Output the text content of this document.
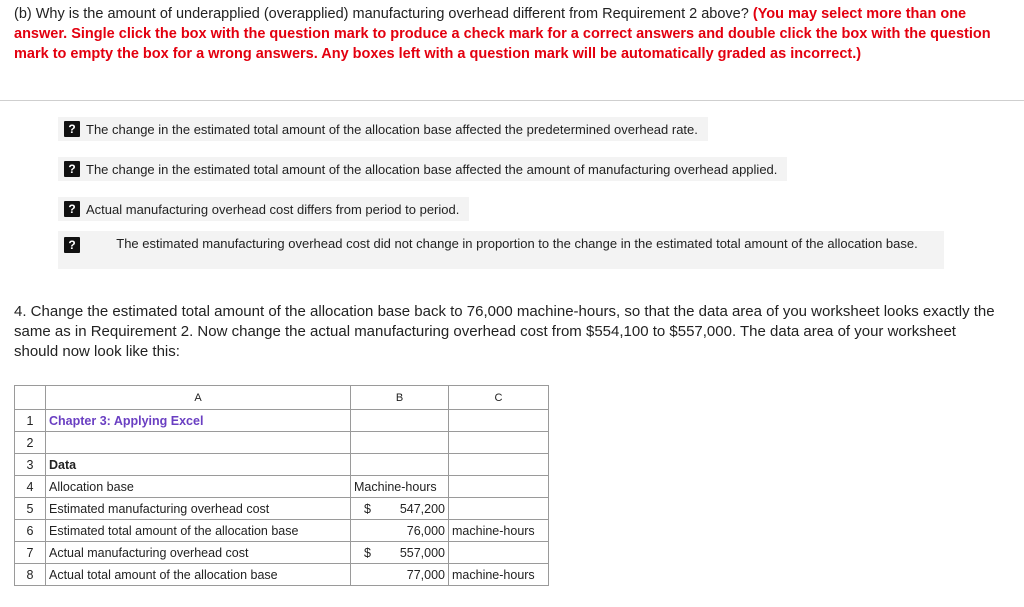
(b) Why is the amount of underapplied (overapplied) manufacturing overhead different from Requirement 2 above? (You may select more than one answer. Single click the box with the question mark to produce a check mark for a correct answers and double click the box with the question mark to empty the box for a wrong answers. Any boxes left with a question mark will be automatically graded as incorrect.)
? The change in the estimated total amount of the allocation base affected the predetermined overhead rate.
? The change in the estimated total amount of the allocation base affected the amount of manufacturing overhead applied.
? Actual manufacturing overhead cost differs from period to period.
?	The estimated manufacturing overhead cost did not change in proportion to the change in the estimated total amount of the allocation base.
4. Change the estimated total amount of the allocation base back to 76,000 machine-hours, so that the data area of you worksheet looks exactly the same as in Requirement 2. Now change the actual manufacturing overhead cost from $554,100 to $557,000. The data area of your worksheet should now look like this:
	A	B	C
1	Chapter 3: Applying Excel		
2			
3	Data		
4	Allocation base	Machine-hours	
5	Estimated manufacturing overhead cost	$ 547,200	

6	Estimated total amount of the allocation base	76,000	machine-hours
7	Actual manufacturing overhead cost	$ 557,000	

8	Actual total amount of the allocation base	77,000	machine-hours
